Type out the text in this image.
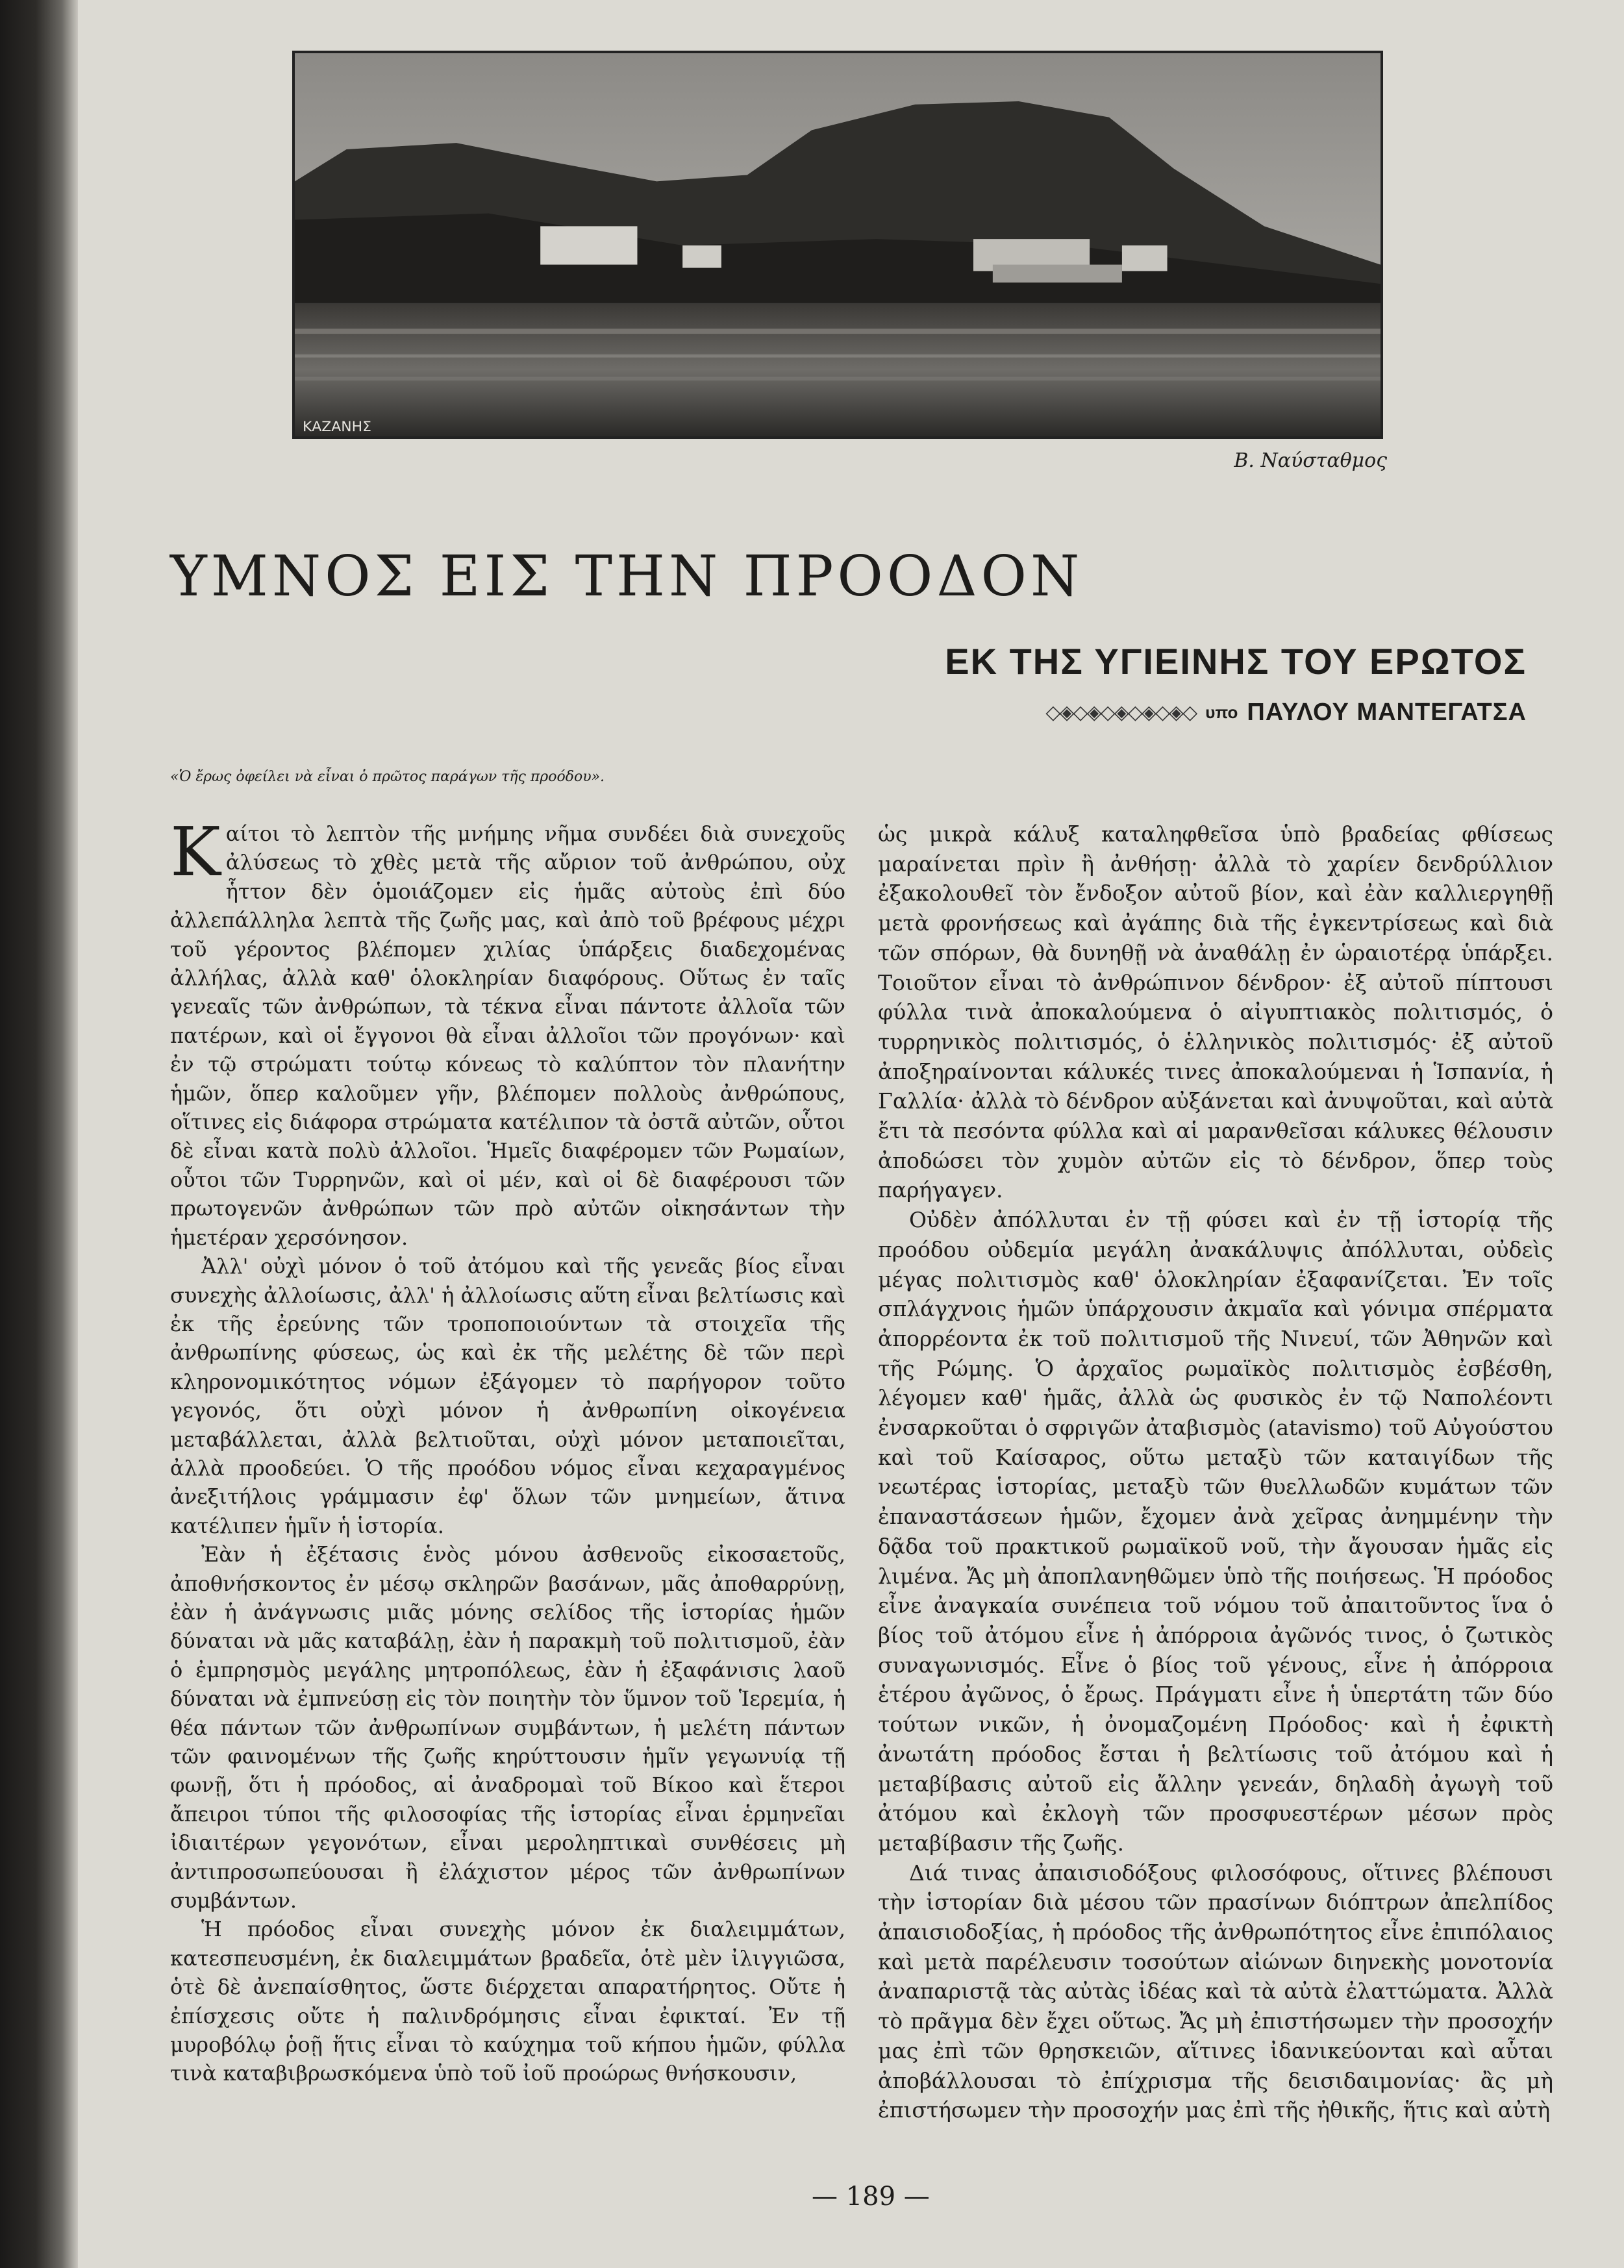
ΚΑΖΑΝΗΣ
Β. Ναύσταθμος
ΥΜΝΟΣ ΕΙΣ ΤΗΝ ΠΡΟΟΔΟΝ
ΕΚ ΤΗΣ ΥΓΙΕΙΝΗΣ ΤΟΥ ΕΡΩΤΟΣ
◇◈◇◈◇◈◇◈◇◈◇ υπο ΠΑΥΛΟΥ ΜΑΝΤΕΓΑΤΣΑ
«Ὁ ἔρως ὀφείλει νὰ εἶναι ὁ πρῶτος παράγων τῆς προόδου».

Καίτοι τὸ λεπτὸν τῆς μνήμης νῆμα συνδέει διὰ συνεχοῦς ἀλύσεως τὸ χθὲς μετὰ τῆς αὔριον τοῦ ἀνθρώπου, οὐχ ἧττον δὲν ὁμοιάζομεν εἰς ἡμᾶς αὐτοὺς ἐπὶ δύο ἀλλεπάλληλα λεπτὰ τῆς ζωῆς μας, καὶ ἀπὸ τοῦ βρέφους μέχρι τοῦ γέροντος βλέπομεν χιλίας ὑπάρξεις διαδεχομένας ἀλλήλας, ἀλλὰ καθ' ὁλοκληρίαν διαφόρους. Οὕτως ἐν ταῖς γενεαῖς τῶν ἀνθρώπων, τὰ τέκνα εἶναι πάντοτε ἀλλοῖα τῶν πατέρων, καὶ οἱ ἔγγονοι θὰ εἶναι ἀλλοῖοι τῶν προγόνων· καὶ ἐν τῷ στρώματι τούτῳ κόνεως τὸ καλύπτον τὸν πλανήτην ἡμῶν, ὅπερ καλοῦμεν γῆν, βλέπομεν πολλοὺς ἀνθρώπους, οἵτινες εἰς διάφορα στρώματα κατέλιπον τὰ ὀστᾶ αὐτῶν, οὗτοι δὲ εἶναι κατὰ πολὺ ἀλλοῖοι. Ἡμεῖς διαφέρομεν τῶν Ρωμαίων, οὗτοι τῶν Τυρρηνῶν, καὶ οἱ μέν, καὶ οἱ δὲ διαφέρουσι τῶν πρωτογενῶν ἀνθρώπων τῶν πρὸ αὐτῶν οἰκησάντων τὴν ἡμετέραν χερσόνησον.

Ἀλλ' οὐχὶ μόνον ὁ τοῦ ἀτόμου καὶ τῆς γενεᾶς βίος εἶναι συνεχὴς ἀλλοίωσις, ἀλλ' ἡ ἀλλοίωσις αὕτη εἶναι βελτίωσις καὶ ἐκ τῆς ἐρεύνης τῶν τροποποιούντων τὰ στοιχεῖα τῆς ἀνθρωπίνης φύσεως, ὡς καὶ ἐκ τῆς μελέτης δὲ τῶν περὶ κληρονομικότητος νόμων ἐξάγομεν τὸ παρήγορον τοῦτο γεγονός, ὅτι οὐχὶ μόνον ἡ ἀνθρωπίνη οἰκογένεια μεταβάλλεται, ἀλλὰ βελτιοῦται, οὐχὶ μόνον μεταποιεῖται, ἀλλὰ προοδεύει. Ὁ τῆς προόδου νόμος εἶναι κεχαραγμένος ἀνεξιτήλοις γράμμασιν ἐφ' ὅλων τῶν μνημείων, ἅτινα κατέλιπεν ἡμῖν ἡ ἱστορία.

Ἐὰν ἡ ἐξέτασις ἑνὸς μόνου ἀσθενοῦς εἰκοσαετοῦς, ἀποθνήσκοντος ἐν μέσῳ σκληρῶν βασάνων, μᾶς ἀποθαρρύνῃ, ἐὰν ἡ ἀνάγνωσις μιᾶς μόνης σελίδος τῆς ἱστορίας ἡμῶν δύναται νὰ μᾶς καταβάλῃ, ἐὰν ἡ παρακμὴ τοῦ πολιτισμοῦ, ἐὰν ὁ ἐμπρησμὸς μεγάλης μητροπόλεως, ἐὰν ἡ ἐξαφάνισις λαοῦ δύναται νὰ ἐμπνεύσῃ εἰς τὸν ποιητὴν τὸν ὕμνον τοῦ Ἱερεμία, ἡ θέα πάντων τῶν ἀνθρωπίνων συμβάντων, ἡ μελέτη πάντων τῶν φαινομένων τῆς ζωῆς κηρύττουσιν ἡμῖν γεγωνυίᾳ τῇ φωνῇ, ὅτι ἡ πρόοδος, αἱ ἀναδρομαὶ τοῦ Βίκοο καὶ ἕτεροι ἄπειροι τύποι τῆς φιλοσοφίας τῆς ἱστορίας εἶναι ἑρμηνεῖαι ἰδιαιτέρων γεγονότων, εἶναι μεροληπτικαὶ συνθέσεις μὴ ἀντιπροσωπεύουσαι ἢ ἐλάχιστον μέρος τῶν ἀνθρωπίνων συμβάντων.

Ἡ πρόοδος εἶναι συνεχὴς μόνον ἐκ διαλειμμάτων, κατεσπευσμένη, ἐκ διαλειμμάτων βραδεῖα, ὁτὲ μὲν ἰλιγγιῶσα, ὁτὲ δὲ ἀνεπαίσθητος, ὥστε διέρχεται απαρατήρητος. Οὔτε ἡ ἐπίσχεσις οὔτε ἡ παλινδρόμησις εἶναι ἐφικταί. Ἐν τῇ μυροβόλῳ ῥοῇ ἥτις εἶναι τὸ καύχημα τοῦ κήπου ἡμῶν, φύλλα τινὰ καταβιβρωσκόμενα ὑπὸ τοῦ ἰοῦ προώρως θνήσκουσιν,

ὡς μικρὰ κάλυξ καταληφθεῖσα ὑπὸ βραδείας φθίσεως μαραίνεται πρὶν ἢ ἀνθήσῃ· ἀλλὰ τὸ χαρίεν δενδρύλλιον ἐξακολουθεῖ τὸν ἔνδοξον αὐτοῦ βίον, καὶ ἐὰν καλλιεργηθῇ μετὰ φρονήσεως καὶ ἀγάπης διὰ τῆς ἐγκεντρίσεως καὶ διὰ τῶν σπόρων, θὰ δυνηθῇ νὰ ἀναθάλῃ ἐν ὡραιοτέρᾳ ὑπάρξει. Τοιοῦτον εἶναι τὸ ἀνθρώπινον δένδρον· ἐξ αὐτοῦ πίπτουσι φύλλα τινὰ ἀποκαλούμενα ὁ αἰγυπτιακὸς πολιτισμός, ὁ τυρρηνικὸς πολιτισμός, ὁ ἑλληνικὸς πολιτισμός· ἐξ αὐτοῦ ἀποξηραίνονται κάλυκές τινες ἀποκαλούμεναι ἡ Ἱσπανία, ἡ Γαλλία· ἀλλὰ τὸ δένδρον αὐξάνεται καὶ ἀνυψοῦται, καὶ αὐτὰ ἔτι τὰ πεσόντα φύλλα καὶ αἱ μαρανθεῖσαι κάλυκες θέλουσιν ἀποδώσει τὸν χυμὸν αὐτῶν εἰς τὸ δένδρον, ὅπερ τοὺς παρήγαγεν.

Οὐδὲν ἀπόλλυται ἐν τῇ φύσει καὶ ἐν τῇ ἱστορίᾳ τῆς προόδου οὐδεμία μεγάλη ἀνακάλυψις ἀπόλλυται, οὐδεὶς μέγας πολιτισμὸς καθ' ὁλοκληρίαν ἐξαφανίζεται. Ἐν τοῖς σπλάγχνοις ἡμῶν ὑπάρχουσιν ἀκμαῖα καὶ γόνιμα σπέρματα ἀπορρέοντα ἐκ τοῦ πολιτισμοῦ τῆς Νινευί, τῶν Ἀθηνῶν καὶ τῆς Ρώμης. Ὁ ἀρχαῖος ρωμαϊκὸς πολιτισμὸς ἐσβέσθη, λέγομεν καθ' ἡμᾶς, ἀλλὰ ὡς φυσικὸς ἐν τῷ Ναπολέοντι ἐνσαρκοῦται ὁ σφριγῶν ἀταβισμὸς (atavismo) τοῦ Αὐγούστου καὶ τοῦ Καίσαρος, οὕτω μεταξὺ τῶν καταιγίδων τῆς νεωτέρας ἱστορίας, μεταξὺ τῶν θυελλωδῶν κυμάτων τῶν ἐπαναστάσεων ἡμῶν, ἔχομεν ἀνὰ χεῖρας ἀνημμένην τὴν δᾷδα τοῦ πρακτικοῦ ρωμαϊκοῦ νοῦ, τὴν ἄγουσαν ἡμᾶς εἰς λιμένα. Ἄς μὴ ἀποπλανηθῶμεν ὑπὸ τῆς ποιήσεως. Ἡ πρόοδος εἶνε ἀναγκαία συνέπεια τοῦ νόμου τοῦ ἀπαιτοῦντος ἵνα ὁ βίος τοῦ ἀτόμου εἶνε ἡ ἀπόρροια ἀγῶνός τινος, ὁ ζωτικὸς συναγωνισμός. Εἶνε ὁ βίος τοῦ γένους, εἶνε ἡ ἀπόρροια ἑτέρου ἀγῶνος, ὁ ἔρως. Πράγματι εἶνε ἡ ὑπερτάτη τῶν δύο τούτων νικῶν, ἡ ὀνομαζομένη Πρόοδος· καὶ ἡ ἐφικτὴ ἀνωτάτη πρόοδος ἔσται ἡ βελτίωσις τοῦ ἀτόμου καὶ ἡ μεταβίβασις αὐτοῦ εἰς ἄλλην γενεάν, δηλαδὴ ἀγωγὴ τοῦ ἀτόμου καὶ ἐκλογὴ τῶν προσφυεστέρων μέσων πρὸς μεταβίβασιν τῆς ζωῆς.

Διά τινας ἀπαισιοδόξους φιλοσόφους, οἵτινες βλέπουσι τὴν ἱστορίαν διὰ μέσου τῶν πρασίνων διόπτρων ἀπελπίδος ἀπαισιοδοξίας, ἡ πρόοδος τῆς ἀνθρωπότητος εἶνε ἐπιπόλαιος καὶ μετὰ παρέλευσιν τοσούτων αἰώνων διηνεκὴς μονοτονία ἀναπαριστᾷ τὰς αὐτὰς ἰδέας καὶ τὰ αὐτὰ ἐλαττώματα. Ἀλλὰ τὸ πρᾶγμα δὲν ἔχει οὕτως. Ἄς μὴ ἐπιστήσωμεν τὴν προσοχήν μας ἐπὶ τῶν θρησκειῶν, αἵτινες ἰδανικεύονται καὶ αὗται ἀποβάλλουσαι τὸ ἐπίχρισμα τῆς δεισιδαιμονίας· ἂς μὴ ἐπιστήσωμεν τὴν προσοχήν μας ἐπὶ τῆς ἠθικῆς, ἥτις καὶ αὐτὴ

— 189 —
